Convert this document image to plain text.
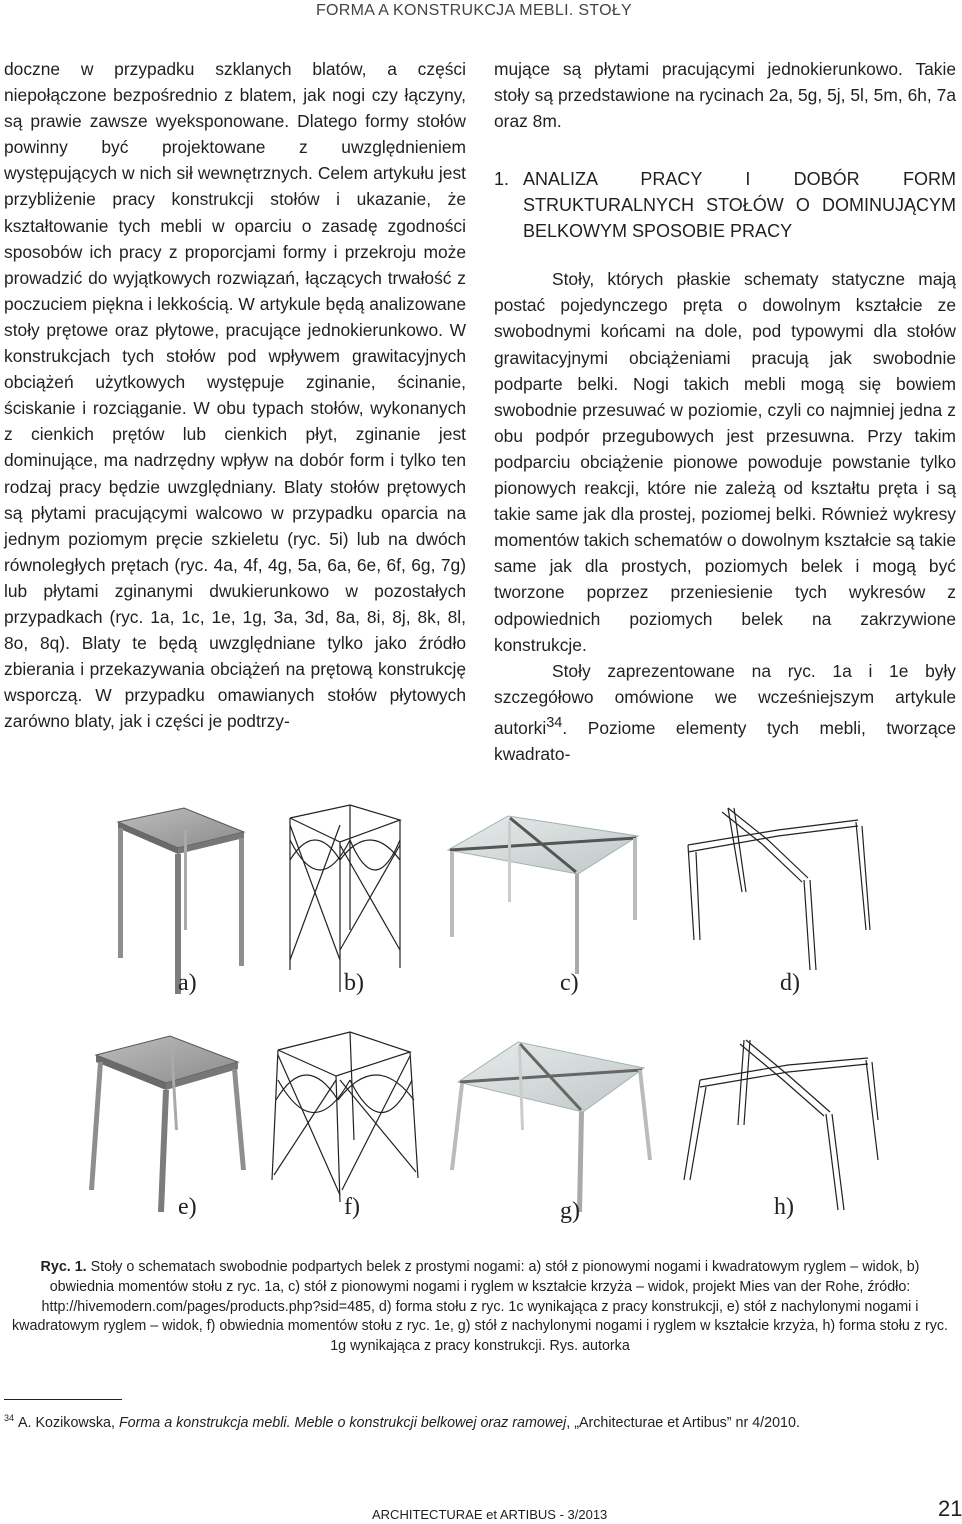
FORMA A KONSTRUKCJA MEBLI. STOŁY

doczne w przypadku szklanych blatów, a części niepołączone bezpośrednio z blatem, jak nogi czy łączyny, są prawie zawsze wyeksponowane. Dlatego formy stołów powinny być projektowane z uwzględnieniem występujących w nich sił wewnętrznych. Celem artykułu jest przybliżenie pracy konstrukcji stołów i ukazanie, że kształtowanie tych mebli w oparciu o zasadę zgodności sposobów ich pracy z proporcjami formy i przekroju może prowadzić do wyjątkowych rozwiązań, łączących trwałość z poczuciem piękna i lekkością. W artykule będą analizowane stoły prętowe oraz płytowe, pracujące jednokierunkowo. W konstrukcjach tych stołów pod wpływem grawitacyjnych obciążeń użytkowych występuje zginanie, ścinanie, ściskanie i rozciąganie. W obu typach stołów, wykonanych z cienkich prętów lub cienkich płyt, zginanie jest dominujące, ma nadrzędny wpływ na dobór form i tylko ten rodzaj pracy będzie uwzględniany. Blaty stołów prętowych są płytami pracującymi walcowo w przypadku oparcia na jednym poziomym pręcie szkieletu (ryc. 5i) lub na dwóch równoległych prętach (ryc. 4a, 4f, 4g, 5a, 6a, 6e, 6f, 6g, 7g) lub płytami zginanymi dwukierunkowo w pozostałych przypadkach (ryc. 1a, 1c, 1e, 1g, 3a, 3d, 8a, 8i, 8j, 8k, 8l, 8o, 8q). Blaty te będą uwzględniane tylko jako źródło zbierania i przekazywania obciążeń na prętową konstrukcję wsporczą. W przypadku omawianych stołów płytowych zarówno blaty, jak i części je podtrzy-

mujące są płytami pracującymi jednokierunkowo. Takie stoły są przedstawione na rycinach 2a, 5g, 5j, 5l, 5m, 6h, 7a oraz 8m.

1. ANALIZA PRACY I DOBÓR FORM STRUKTURALNYCH STOŁÓW O DOMINUJĄCYM BELKOWYM SPOSOBIE PRACY

Stoły, których płaskie schematy statyczne mają postać pojedynczego pręta o dowolnym kształcie ze swobodnymi końcami na dole, pod typowymi dla stołów grawitacyjnymi obciążeniami pracują jak swobodnie podparte belki. Nogi takich mebli mogą się bowiem swobodnie przesuwać w poziomie, czyli co najmniej jedna z obu podpór przegubowych jest przesuwna. Przy takim podparciu obciążenie pionowe powoduje powstanie tylko pionowych reakcji, które nie zależą od kształtu pręta i są takie same jak dla prostej, poziomej belki. Również wykresy momentów takich schematów o dowolnym kształcie są takie same jak dla prostych, poziomych belek i mogą być tworzone poprzez przeniesienie tych wykresów z odpowiednich poziomych belek na zakrzywione konstrukcje.

Stoły zaprezentowane na ryc. 1a i 1e były szczegółowo omówione we wcześniejszym artykule autorki$^{34}$. Poziome elementy tych mebli, tworzące kwadrato-

a)	b)	c)	d)
e)	f)	g)	h)
Ryc. 1. Stoły o schematach swobodnie podpartych belek z prostymi nogami: a) stół z pionowymi nogami i kwadratowym ryglem – widok, b) obwiednia momentów stołu z ryc. 1a, c) stół z pionowymi nogami i ryglem w kształcie krzyża – widok, projekt Mies van der Rohe, źródło: http://hivemodern.com/pages/products.php?sid=485, d) forma stołu z ryc. 1c wynikająca z pracy konstrukcji, e) stół z nachylonymi nogami i kwadratowym ryglem – widok, f) obwiednia momentów stołu z ryc. 1e, g) stół z nachylonymi nogami i ryglem w kształcie krzyża, h) forma stołu z ryc. 1g wynikająca z pracy konstrukcji. Rys. autorka
$^{34}$ A. Kozikowska, Forma a konstrukcja mebli. Meble o konstrukcji belkowej oraz ramowej, „Architecturae et Artibus” nr 4/2010.
ARCHITECTURAE et ARTIBUS - 3/2013	21
